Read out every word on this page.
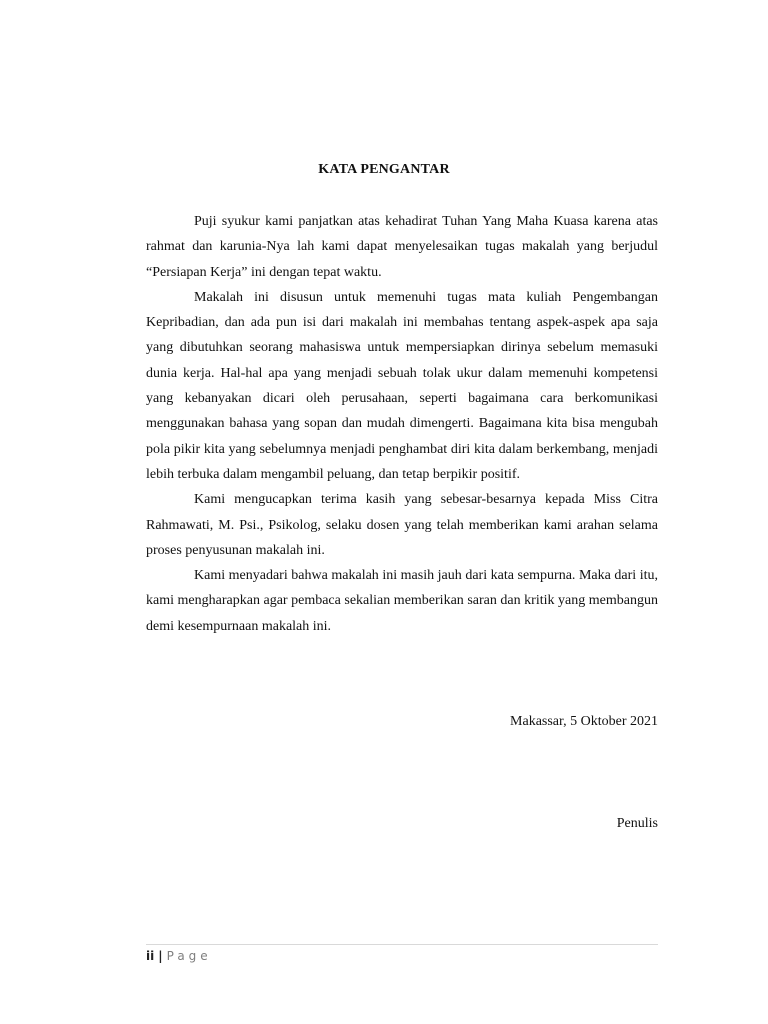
KATA PENGANTAR

Puji syukur kami panjatkan atas kehadirat Tuhan Yang Maha Kuasa karena atas rahmat dan karunia-Nya lah kami dapat menyelesaikan tugas makalah yang berjudul “Persiapan Kerja” ini dengan tepat waktu.

Makalah ini disusun untuk memenuhi tugas mata kuliah Pengembangan Kepribadian, dan ada pun isi dari makalah ini membahas tentang aspek-aspek apa saja yang dibutuhkan seorang mahasiswa untuk mempersiapkan dirinya sebelum memasuki dunia kerja. Hal-hal apa yang menjadi sebuah tolak ukur dalam memenuhi kompetensi yang kebanyakan dicari oleh perusahaan, seperti bagaimana cara berkomunikasi menggunakan bahasa yang sopan dan mudah dimengerti. Bagaimana kita bisa mengubah pola pikir kita yang sebelumnya menjadi penghambat diri kita dalam berkembang, menjadi lebih terbuka dalam mengambil peluang, dan tetap berpikir positif.

Kami mengucapkan terima kasih yang sebesar-besarnya kepada Miss Citra Rahmawati, M. Psi., Psikolog, selaku dosen yang telah memberikan kami arahan selama proses penyusunan makalah ini.

Kami menyadari bahwa makalah ini masih jauh dari kata sempurna. Maka dari itu, kami mengharapkan agar pembaca sekalian memberikan saran dan kritik yang membangun demi kesempurnaan makalah ini.

Makassar, 5 Oktober 2021

Penulis

ii | Page
